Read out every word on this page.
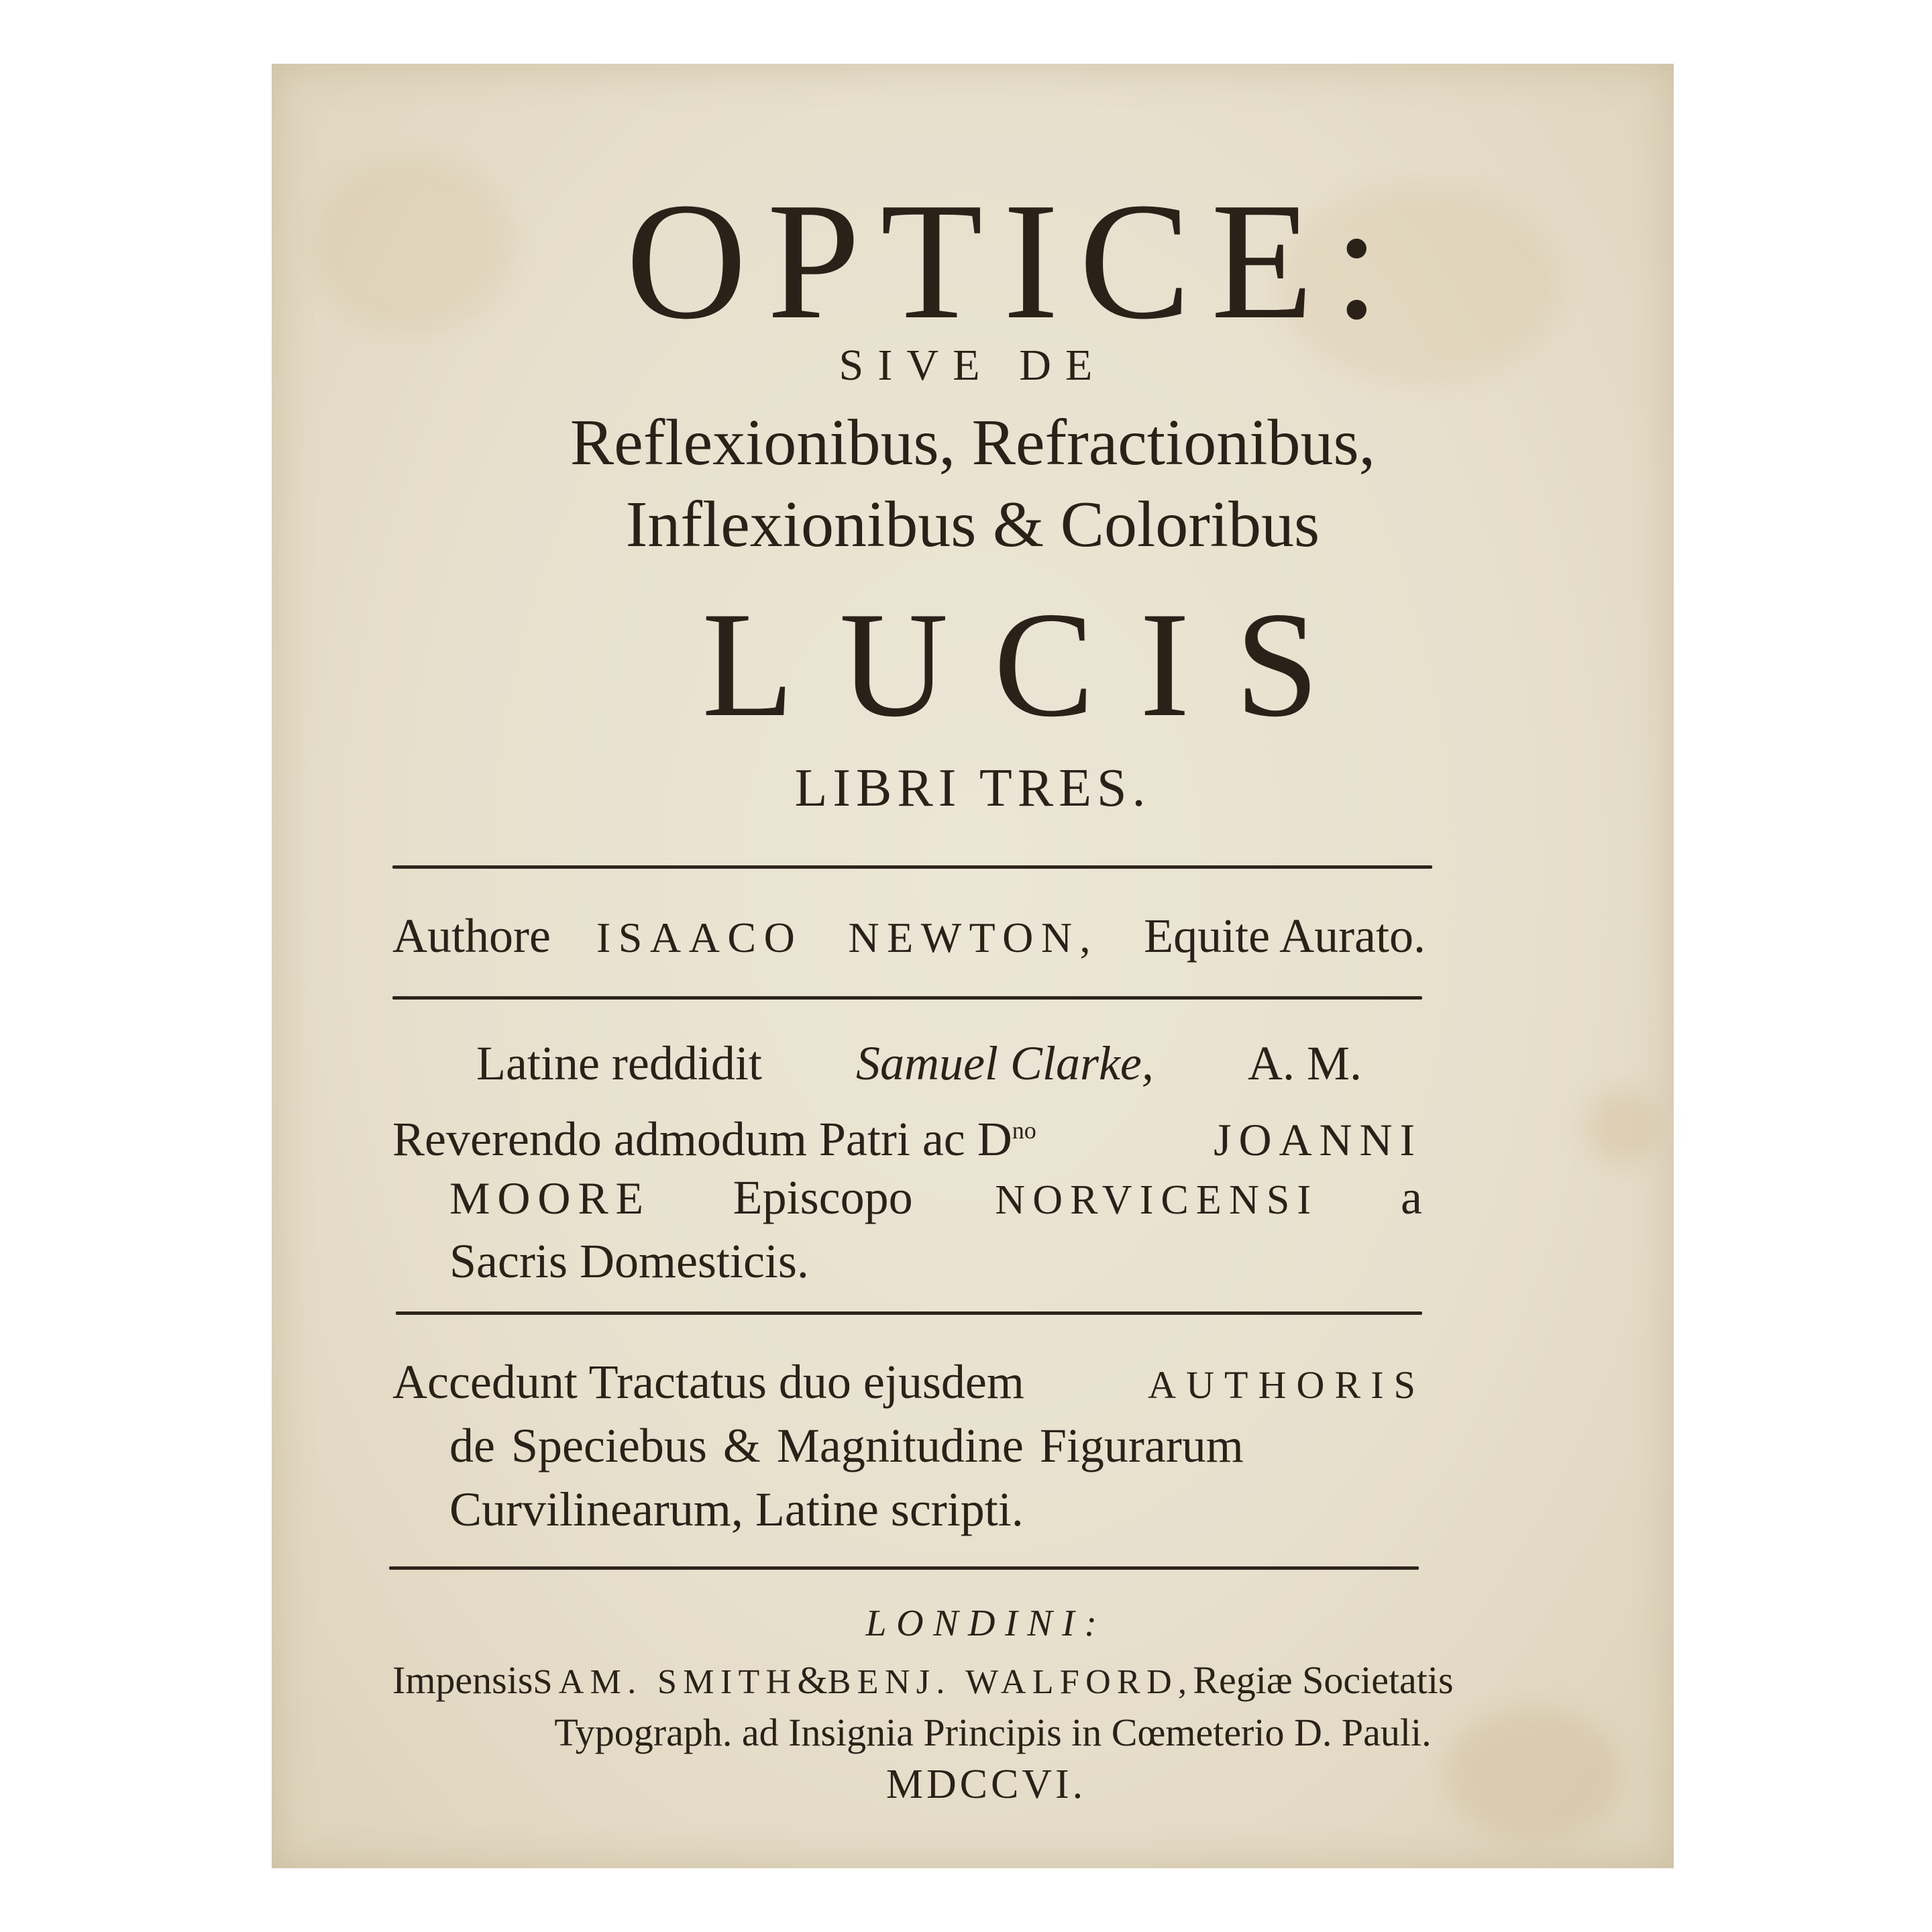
OPTICE:

SIVE DE

Reflexionibus, Refractionibus,

Inflexionibus & Coloribus

LUCIS

LIBRI TRES.

Authore ISAACO NEWTON, Equite Aurato.
Latine reddidit Samuel Clarke, A. M.
Reverendo admodum Patri ac $D^{no}$	JOANNI
MOORE Episcopo NORVICENSI a

Sacris Domesticis.

Accedunt Tractatus duo ejusdem	AUTHORIS

de Speciebus & Magnitudine Figurarum

Curvilinearum, Latine scripti.

LONDINI:

Impensis SAM. SMITH & BENJ. WALFORD, Regiæ Societatis

Typograph. ad Insignia Principis in Cœmeterio D. Pauli.

MDCCVI.
